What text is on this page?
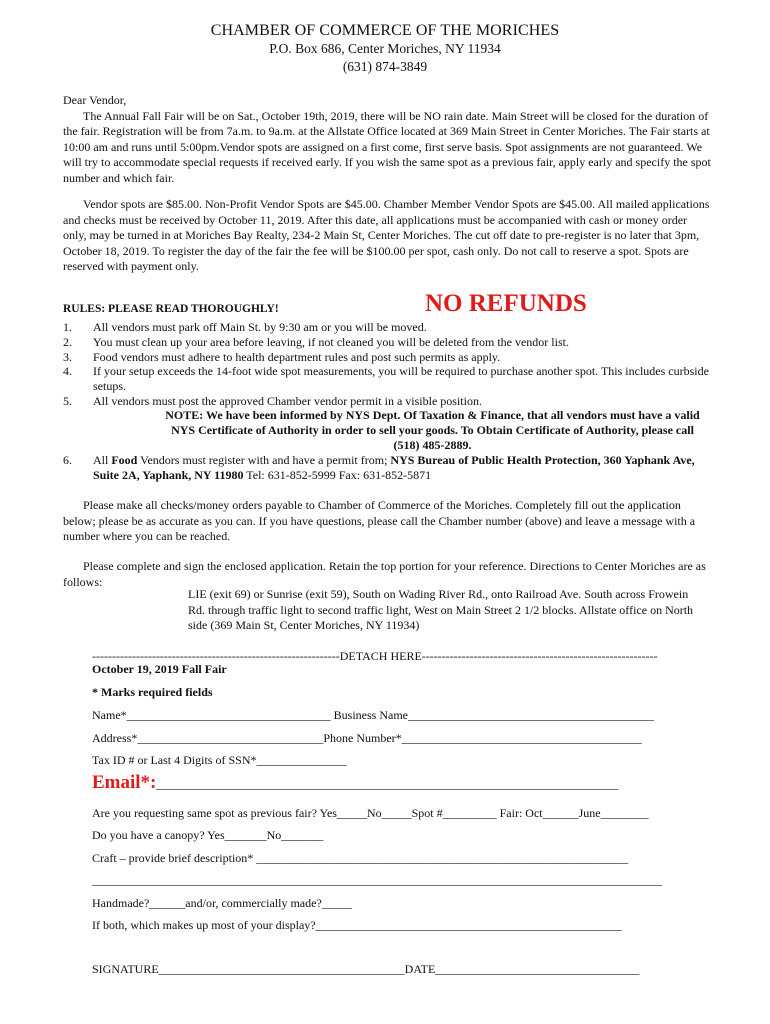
CHAMBER OF COMMERCE OF THE MORICHES
P.O. Box 686, Center Moriches, NY 11934
(631) 874-3849
Dear Vendor,

The Annual Fall Fair will be on Sat., October 19th, 2019, there will be NO rain date. Main Street will be closed for the duration of the fair. Registration will be from 7a.m. to 9a.m. at the Allstate Office located at 369 Main Street in Center Moriches. The Fair starts at 10:00 am and runs until 5:00pm.Vendor spots are assigned on a first come, first serve basis. Spot assignments are not guaranteed. We will try to accommodate special requests if received early. If you wish the same spot as a previous fair, apply early and specify the spot number and which fair.

Vendor spots are $85.00. Non-Profit Vendor Spots are $45.00. Chamber Member Vendor Spots are $45.00. All mailed applications and checks must be received by October 11, 2019. After this date, all applications must be accompanied with cash or money order only, may be turned in at Moriches Bay Realty, 234-2 Main St, Center Moriches. The cut off date to pre-register is no later that 3pm, October 18, 2019. To register the day of the fair the fee will be $100.00 per spot, cash only. Do not call to reserve a spot. Spots are reserved with payment only.

RULES: PLEASE READ THOROUGHLY!	NO REFUNDS
1.	All vendors must park off Main St. by 9:30 am or you will be moved.
2.	You must clean up your area before leaving, if not cleaned you will be deleted from the vendor list.
3.	Food vendors must adhere to health department rules and post such permits as apply.
4.	If your setup exceeds the 14-foot wide spot measurements, you will be required to purchase another spot. This includes curbside setups.
5.	All vendors must post the approved Chamber vendor permit in a visible position.
NOTE: We have been informed by NYS Dept. Of Taxation & Finance, that all vendors must have a valid NYS Certificate of Authority in order to sell your goods. To Obtain Certificate of Authority, please call (518) 485-2889.
6.	All Food Vendors must register with and have a permit from; NYS Bureau of Public Health Protection, 360 Yaphank Ave, Suite 2A, Yaphank, NY 11980 Tel: 631-852-5999 Fax: 631-852-5871
Please make all checks/money orders payable to Chamber of Commerce of the Moriches. Completely fill out the application below; please be as accurate as you can. If you have questions, please call the Chamber number (above) and leave a message with a number where you can be reached.
Please complete and sign the enclosed application. Retain the top portion for your reference. Directions to Center Moriches are as follows:
LIE (exit 69) or Sunrise (exit 59), South on Wading River Rd., onto Railroad Ave. South across Frowein Rd. through traffic light to second traffic light, West on Main Street 2 1/2 blocks. Allstate office on North side (369 Main St, Center Moriches, NY 11934)
--------------------------------------------------------------DETACH HERE-----------------------------------------------------------
October 19, 2019 Fall Fair
* Marks required fields
Name*__________________________________ Business Name_________________________________________
Address*_______________________________Phone Number*________________________________________
Tax ID # or Last 4 Digits of SSN*_______________
Email*:_____________________________________________________________________________
Are you requesting same spot as previous fair? Yes_____No_____Spot #_________ Fair: Oct______June________
Do you have a canopy? Yes_______No_______
Craft – provide brief description* ______________________________________________________________
_______________________________________________________________________________________________
Handmade?______and/or, commercially made?_____
If both, which makes up most of your display?___________________________________________________
SIGNATURE_________________________________________DATE__________________________________
